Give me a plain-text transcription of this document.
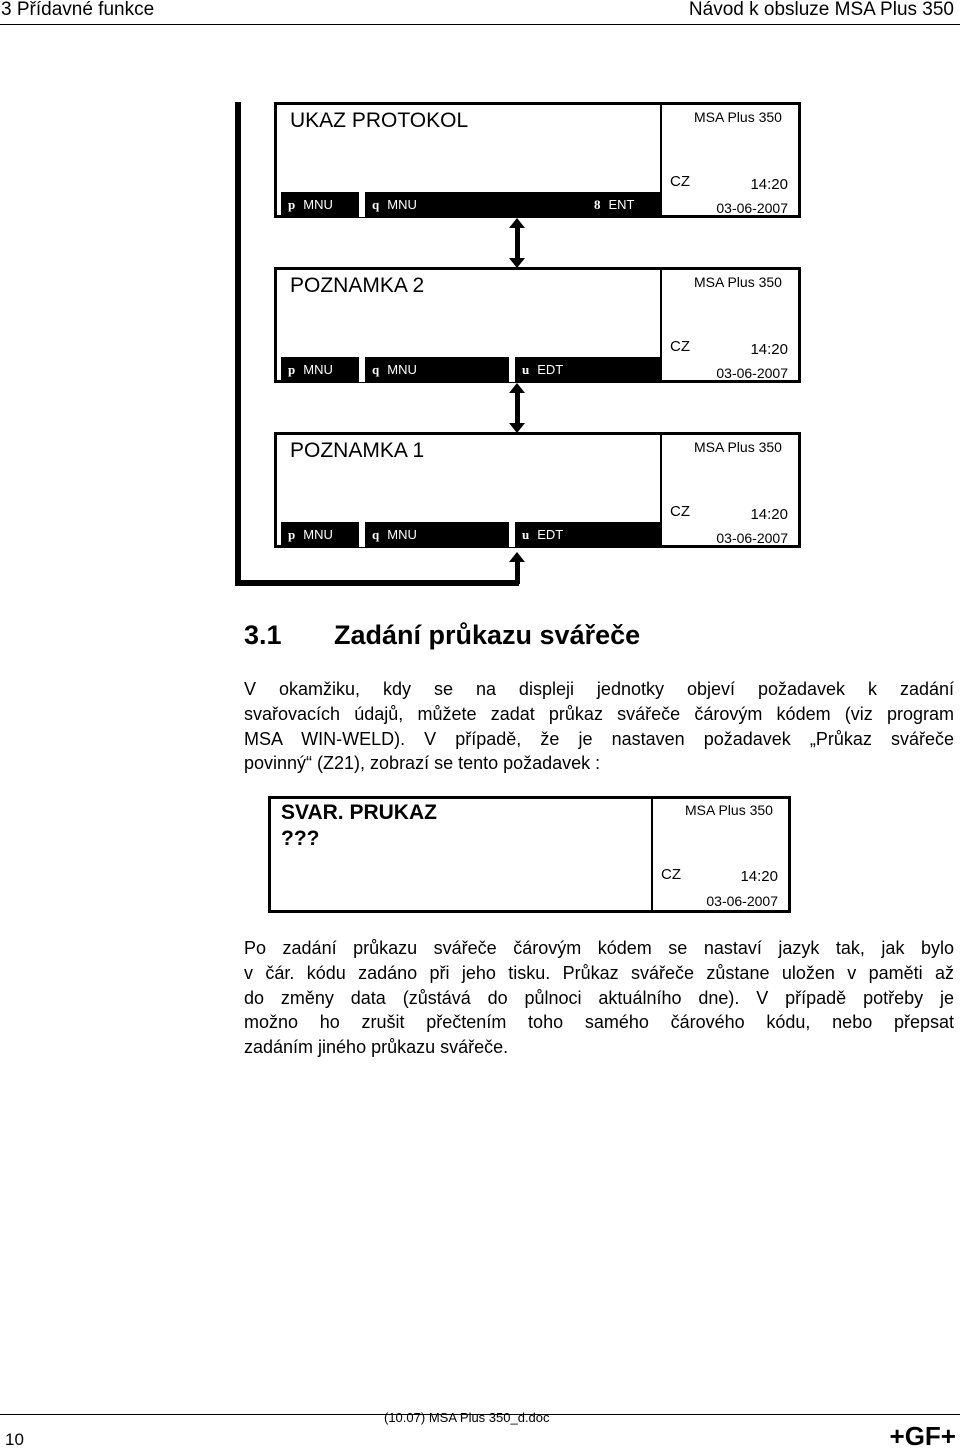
3 Přídavné funkce	Návod k obsluze MSA Plus 350
UKAZ PROTOKOL	MSA Plus 350
CZ	14:20
03-06-2007
p MNU	q MNU	8 ENT
POZNAMKA 2	MSA Plus 350
CZ	14:20
03-06-2007
p MNU	q MNU	u EDT
POZNAMKA 1	MSA Plus 350
CZ	14:20
03-06-2007
p MNU	q MNU	u EDT
3.1 Zadání průkazu svářeče
V okamžiku, kdy se na displeji jednotky objeví požadavek k zadání
svařovacích údajů, můžete zadat průkaz svářeče čárovým kódem (viz program
MSA WIN-WELD). V případě, že je nastaven požadavek „Průkaz svářeče
povinný“ (Z21), zobrazí se tento požadavek :
SVAR. PRUKAZ
???
MSA Plus 350
CZ	14:20
03-06-2007
Po zadání průkazu svářeče čárovým kódem se nastaví jazyk tak, jak bylo
v čár. kódu zadáno při jeho tisku. Průkaz svářeče zůstane uložen v paměti až
do změny data (zůstává do půlnoci aktuálního dne). V případě potřeby je
možno ho zrušit přečtením toho samého čárového kódu, nebo přepsat
zadáním jiného průkazu svářeče.
10
(10.07) MSA Plus 350_d.doc
+GF+
